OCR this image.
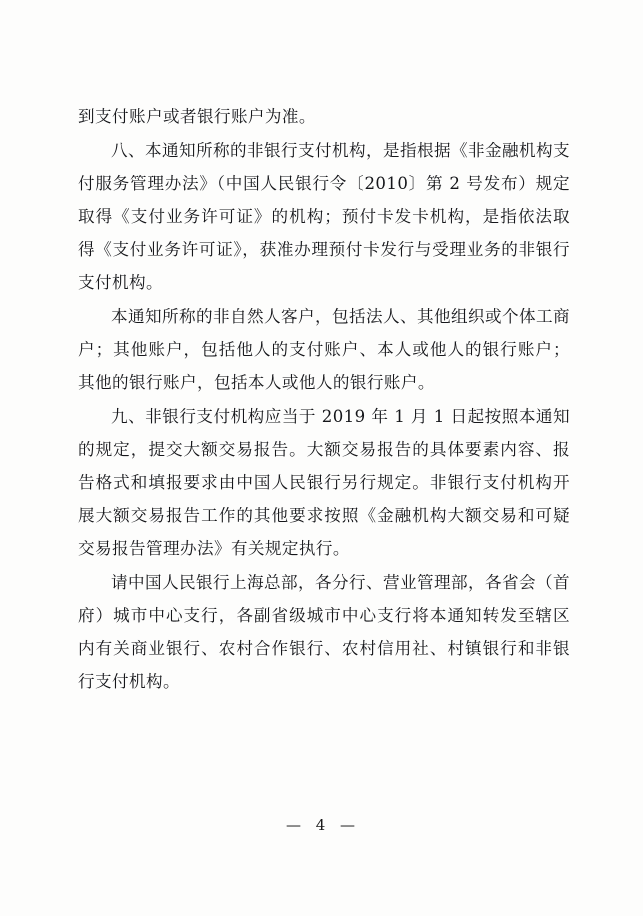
到支付账户或者银行账户为准。

八、本通知所称的非银行支付机构，是指根据《非金融机构支付服务管理办法》（中国人民银行令〔2010〕第 2 号发布）规定取得《支付业务许可证》的机构；预付卡发卡机构，是指依法取得《支付业务许可证》，获准办理预付卡发行与受理业务的非银行支付机构。

本通知所称的非自然人客户，包括法人、其他组织或个体工商户；其他账户，包括他人的支付账户、本人或他人的银行账户；其他的银行账户，包括本人或他人的银行账户。

九、非银行支付机构应当于 2019 年 1 月 1 日起按照本通知的规定，提交大额交易报告。大额交易报告的具体要素内容、报告格式和填报要求由中国人民银行另行规定。非银行支付机构开展大额交易报告工作的其他要求按照《金融机构大额交易和可疑交易报告管理办法》有关规定执行。

请中国人民银行上海总部，各分行、营业管理部，各省会（首府）城市中心支行，各副省级城市中心支行将本通知转发至辖区内有关商业银行、农村合作银行、农村信用社、村镇银行和非银行支付机构。

— 4 —
